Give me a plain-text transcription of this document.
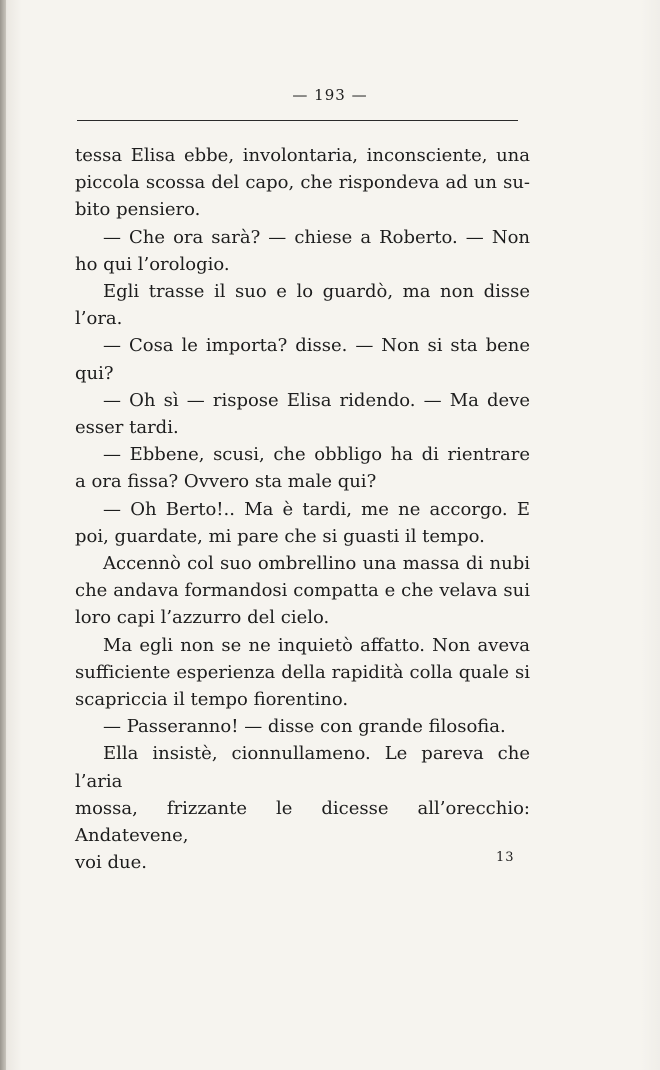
— 193 —

tessa Elisa ebbe, involontaria, inconsciente, una

piccola scossa del capo, che rispondeva ad un su-

bito pensiero.

— Che ora sarà? — chiese a Roberto. — Non

ho qui l’orologio.

Egli trasse il suo e lo guardò, ma non disse

l’ora.

— Cosa le importa? disse. — Non si sta bene

qui?

— Oh sì — rispose Elisa ridendo. — Ma deve

esser tardi.

— Ebbene, scusi, che obbligo ha di rientrare

a ora fissa? Ovvero sta male qui?

— Oh Berto!.. Ma è tardi, me ne accorgo. E

poi, guardate, mi pare che si guasti il tempo.

Accennò col suo ombrellino una massa di nubi

che andava formandosi compatta e che velava sui

loro capi l’azzurro del cielo.

Ma egli non se ne inquietò affatto. Non aveva

sufficiente esperienza della rapidità colla quale si

scapriccia il tempo fiorentino.

— Passeranno! — disse con grande filosofia.

Ella insistè, cionnullameno. Le pareva che l’aria

mossa, frizzante le dicesse all’orecchio: Andatevene,

voi due.	13
